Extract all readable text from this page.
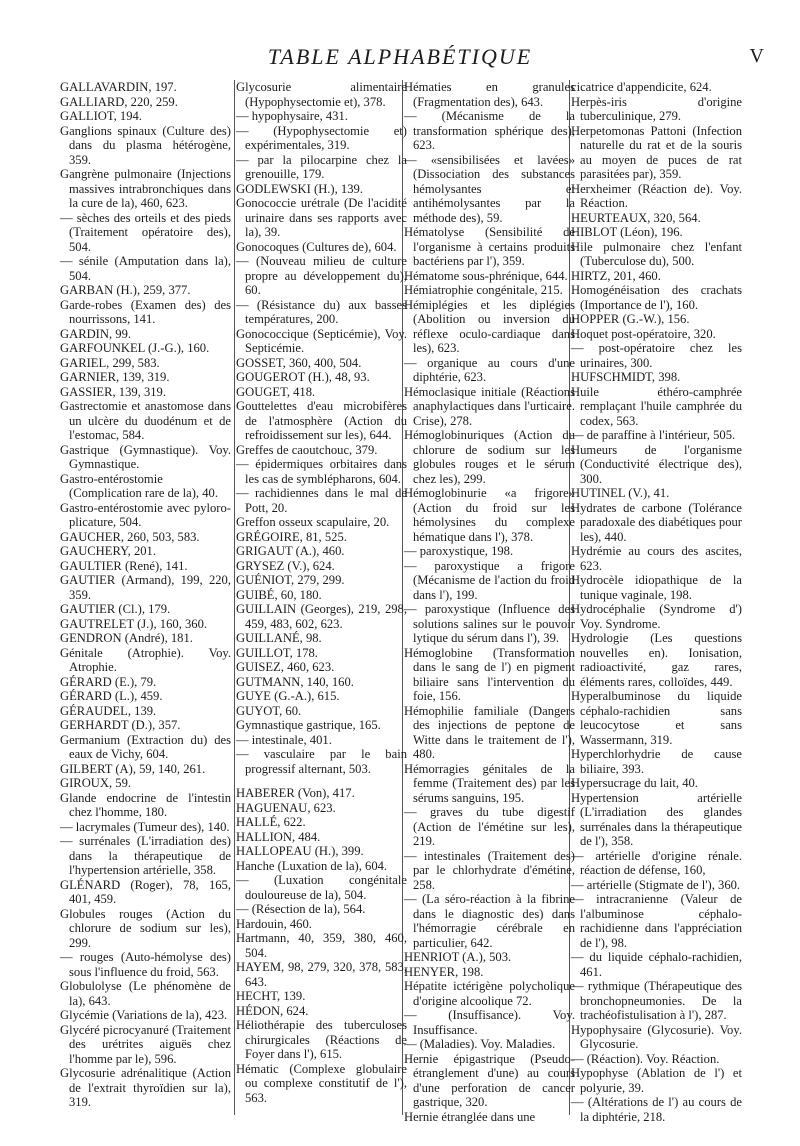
TABLE ALPHABÉTIQUE	V
GALLAVARDIN, 197.
GALLIARD, 220, 259.
GALLIOT, 194.
Ganglions spinaux (Culture des) dans du plasma hétérogène, 359.
Gangrène pulmonaire (Injections massives intrabronchiques dans la cure de la), 460, 623.
— sèches des orteils et des pieds (Traitement opératoire des), 504.
— sénile (Amputation dans la), 504.
GARBAN (H.), 259, 377.
Garde-robes (Examen des) des nourrissons, 141.
GARDIN, 99.
GARFOUNKEL (J.-G.), 160.
GARIEL, 299, 583.
GARNIER, 139, 319.
GASSIER, 139, 319.
Gastrectomie et anastomose dans un ulcère du duodénum et de l'estomac, 584.
Gastrique (Gymnastique). Voy. Gymnastique.
Gastro-entérostomie (Complication rare de la), 40.
Gastro-entérostomie avec pyloro-plicature, 504.
GAUCHER, 260, 503, 583.
GAUCHERY, 201.
GAULTIER (René), 141.
GAUTIER (Armand), 199, 220, 359.
GAUTIER (Cl.), 179.
GAUTRELET (J.), 160, 360.
GENDRON (André), 181.
Génitale (Atrophie). Voy. Atrophie.
GÉRARD (E.), 79.
GÉRARD (L.), 459.
GÉRAUDEL, 139.
GERHARDT (D.), 357.
Germanium (Extraction du) des eaux de Vichy, 604.
GILBERT (A), 59, 140, 261.
GIROUX, 59.
Glande endocrine de l'intestin chez l'homme, 180.
— lacrymales (Tumeur des), 140.
— surrénales (L'irradiation des) dans la thérapeutique de l'hypertension artérielle, 358.
GLÉNARD (Roger), 78, 165, 401, 459.
Globules rouges (Action du chlorure de sodium sur les), 299.
— rouges (Auto-hémolyse des) sous l'influence du froid, 563.
Globulolyse (Le phénomène de la), 643.
Glycémie (Variations de la), 423.
Glycéré picrocyanuré (Traitement des urétrites aiguës chez l'homme par le), 596.
Glycosurie adrénalitique (Action de l'extrait thyroïdien sur la), 319.
Glycosurie alimentaire (Hypophysectomie et), 378.
— hypophysaire, 431.
— (Hypophysectomie et) expérimentales, 319.
— par la pilocarpine chez la grenouille, 179.
GODLEWSKI (H.), 139.
Gonococcie urétrale (De l'acidité urinaire dans ses rapports avec la), 39.
Gonocoques (Cultures de), 604.
— (Nouveau milieu de culture propre au développement du), 60.
— (Résistance du) aux basses températures, 200.
Gonococcique (Septicémie), Voy. Septicémie.
GOSSET, 360, 400, 504.
GOUGEROT (H.), 48, 93.
GOUGET, 418.
Gouttelettes d'eau microbifères de l'atmosphère (Action du refroidissement sur les), 644.
Greffes de caoutchouc, 379.
— épidermiques orbitaires dans les cas de symblépharons, 604.
— rachidiennes dans le mal de Pott, 20.
Greffon osseux scapulaire, 20.
GRÉGOIRE, 81, 525.
GRIGAUT (A.), 460.
GRYSEZ (V.), 624.
GUÉNIOT, 279, 299.
GUIBÉ, 60, 180.
GUILLAIN (Georges), 219, 298, 459, 483, 602, 623.
GUILLANÉ, 98.
GUILLOT, 178.
GUISEZ, 460, 623.
GUTMANN, 140, 160.
GUYE (G.-A.), 615.
GUYOT, 60.
Gymnastique gastrique, 165.
— intestinale, 401.
— vasculaire par le bain progressif alternant, 503.
HABERER (Von), 417.
HAGUENAU, 623.
HALLÉ, 622.
HALLION, 484.
HALLOPEAU (H.), 399.
Hanche (Luxation de la), 604.
— (Luxation congénitale douloureuse de la), 504.
— (Résection de la), 564.
Hardouin, 460.
Hartmann, 40, 359, 380, 460, 504.
HAYEM, 98, 279, 320, 378, 583, 643.
HECHT, 139.
HÉDON, 624.
Héliothérapie des tuberculoses chirurgicales (Réactions de Foyer dans l'), 615.
Hématic (Complexe globulaire ou complexe constitutif de l'), 563.
Hématies en granules (Fragmentation des), 643.
— (Mécanisme de la transformation sphérique des), 623.
— «sensibilisées et lavées» (Dissociation des substances hémolysantes et antihémolysantes par la méthode des), 59.
Hématolyse (Sensibilité de l'organisme à certains produits bactériens par l'), 359.
Hématome sous-phrénique, 644.
Hémiatrophie congénitale, 215.
Hémiplégies et les diplégies (Abolition ou inversion du réflexe oculo-cardiaque dans les), 623.
— organique au cours d'une diphtérie, 623.
Hémoclasique initiale (Réactions anaphylactiques dans l'urticaire. Crise), 278.
Hémoglobinuriques (Action du chlorure de sodium sur les globules rouges et le sérum chez les), 299.
Hémoglobinurie «a frigore» (Action du froid sur les hémolysines du complexe hématique dans l'), 378.
— paroxystique, 198.
— paroxystique a frigore (Mécanisme de l'action du froid dans l'), 199.
— paroxystique (Influence des solutions salines sur le pouvoir lytique du sérum dans l'), 39.
Hémoglobine (Transformation dans le sang de l') en pigment biliaire sans l'intervention du foie, 156.
Hémophilie familiale (Dangers des injections de peptone de Witte dans le traitement de l'), 480.
Hémorragies génitales de la femme (Traitement des) par les sérums sanguins, 195.
— graves du tube digestif (Action de l'émétine sur les), 219.
— intestinales (Traitement des) par le chlorhydrate d'émétine, 258.
— (La séro-réaction à la fibrine dans le diagnostic des) dans l'hémorragie cérébrale en particulier, 642.
HENRIOT (A.), 503.
HENYER, 198.
Hépatite ictérigène polycholique d'origine alcoolique 72.
— (Insuffisance). Voy. Insuffisance.
— (Maladies). Voy. Maladies.
Hernie épigastrique (Pseudo-étranglement d'une) au cours d'une perforation de cancer gastrique, 320.
Hernie étranglée dans une
cicatrice d'appendicite, 624.
Herpès-iris d'origine tuberculinique, 279.
Herpetomonas Pattoni (Infection naturelle du rat et de la souris au moyen de puces de rat parasitées par), 359.
Herxheimer (Réaction de). Voy. Réaction.
HEURTEAUX, 320, 564.
HIBLOT (Léon), 196.
Hile pulmonaire chez l'enfant (Tuberculose du), 500.
HIRTZ, 201, 460.
Homogénéisation des crachats (Importance de l'), 160.
HOPPER (G.-W.), 156.
Hoquet post-opératoire, 320.
— post-opératoire chez les urinaires, 300.
HUFSCHMIDT, 398.
Huile éthéro-camphrée remplaçant l'huile camphrée du codex, 563.
— de paraffine à l'intérieur, 505.
Humeurs de l'organisme (Conductivité électrique des), 300.
HUTINEL (V.), 41.
Hydrates de carbone (Tolérance paradoxale des diabétiques pour les), 440.
Hydrémie au cours des ascites, 623.
Hydrocèle idiopathique de la tunique vaginale, 198.
Hydrocéphalie (Syndrome d') Voy. Syndrome.
Hydrologie (Les questions nouvelles en). Ionisation, radioactivité, gaz rares, éléments rares, colloïdes, 449.
Hyperalbuminose du liquide céphalo-rachidien sans leucocytose et sans Wassermann, 319.
Hyperchlorhydrie de cause biliaire, 393.
Hypersucrage du lait, 40.
Hypertension artérielle (L'irradiation des glandes surrénales dans la thérapeutique de l'), 358.
— artérielle d'origine rénale. réaction de défense, 160,
— artérielle (Stigmate de l'), 360.
— intracranienne (Valeur de l'albuminose céphalo-rachidienne dans l'appréciation de l'), 98.
— du liquide céphalo-rachidien, 461.
— rythmique (Thérapeutique des bronchopneumonies. De la trachéofistulisation à l'), 287.
Hypophysaire (Glycosurie). Voy. Glycosurie.
— (Réaction). Voy. Réaction.
Hypophyse (Ablation de l') et polyurie, 39.
— (Altérations de l') au cours de la diphtérie, 218.
